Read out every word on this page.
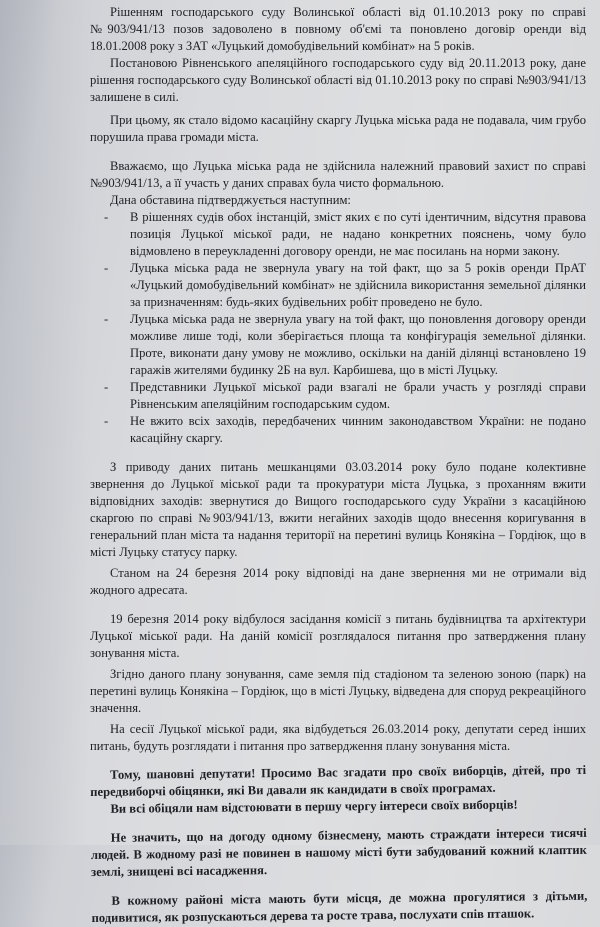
Рішенням господарського суду Волинської області від 01.10.2013 року по справі №903/941/13 позов задоволено в повному об'ємі та поновлено договір оренди від 18.01.2008 року з ЗАТ «Луцький домобудівельний комбінат» на 5 років.

Постановою Рівненського апеляційного господарського суду від 20.11.2013 року, дане рішення господарського суду Волинської області від 01.10.2013 року по справі №903/941/13 залишене в силі.

При цьому, як стало відомо касаційну скаргу Луцька міська рада не подавала, чим грубо порушила права громади міста.

Вважаємо, що Луцька міська рада не здійснила належний правовий захист по справі №903/941/13, а її участь у даних справах була чисто формальною.

Дана обставина підтверджується наступним:

- В рішеннях судів обох інстанцій, зміст яких є по суті ідентичним, відсутня правова позиція Луцької міської ради, не надано конкретних пояснень, чому було відмовлено в переукладенні договору оренди, не має посилань на норми закону.
- Луцька міська рада не звернула увагу на той факт, що за 5 років оренди ПрАТ «Луцький домобудівельний комбінат» не здійснила використання земельної ділянки за призначенням: будь-яких будівельних робіт проведено не було.
- Луцька міська рада не звернула увагу на той факт, що поновлення договору оренди можливе лише тоді, коли зберігається площа та конфігурація земельної ділянки. Проте, виконати дану умову не можливо, оскільки на даній ділянці встановлено 19 гаражів жителями будинку 2Б на вул. Карбишева, що в місті Луцьку.
- Представники Луцької міської ради взагалі не брали участь у розгляді справи Рівненським апеляційним господарським судом.
- Не вжито всіх заходів, передбачених чинним законодавством України: не подано касаційну скаргу.

З приводу даних питань мешканцями 03.03.2014 року було подане колективне звернення до Луцької міської ради та прокуратури міста Луцька, з проханням вжити відповідних заходів: звернутися до Вищого господарського суду України з касаційною скаргою по справі №903/941/13, вжити негайних заходів щодо внесення коригування в генеральний план міста та надання території на перетині вулиць Конякіна – Гордіюк, що в місті Луцьку статусу парку.

Станом на 24 березня 2014 року відповіді на дане звернення ми не отримали від жодного адресата.

19 березня 2014 року відбулося засідання комісії з питань будівництва та архітектури Луцької міської ради. На даній комісії розглядалося питання про затвердження плану зонування міста.

Згідно даного плану зонування, саме земля під стадіоном та зеленою зоною (парк) на перетині вулиць Конякіна – Гордіюк, що в місті Луцьку, відведена для споруд рекреаційного значення.

На сесії Луцької міської ради, яка відбудеться 26.03.2014 року, депутати серед інших питань, будуть розглядати і питання про затвердження плану зонування міста.

Тому, шановні депутати! Просимо Вас згадати про своїх виборців, дітей, про ті передвиборчі обіцянки, які Ви давали як кандидати в своїх програмах.

Ви всі обіцяли нам відстоювати в першу чергу інтереси своїх виборців!

Не значить, що на догоду одному бізнесмену, мають страждати інтереси тисячі людей. В жодному разі не повинен в нашому місті бути забудований кожний клаптик землі, знищені всі насадження.

В кожному районі міста мають бути місця, де можна прогулятися з дітьми, подивитися, як розпускаються дерева та росте трава, послухати спів пташок.
